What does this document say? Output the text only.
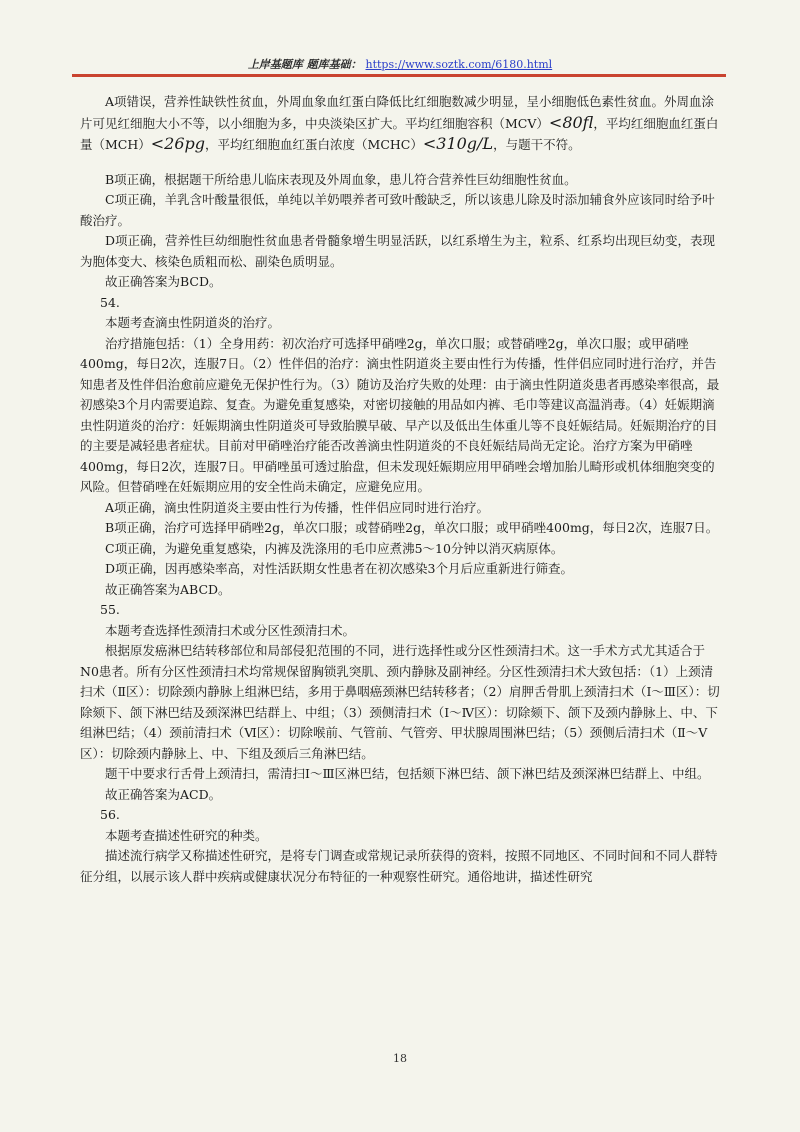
上岸基题库 题库基础： https://www.soztk.com/6180.html

A项错误，营养性缺铁性贫血，外周血象血红蛋白降低比红细胞数减少明显，呈小细胞低色素性贫血。外周血涂片可见红细胞大小不等，以小细胞为多，中央淡染区扩大。平均红细胞容积（MCV）<80fl，平均红细胞血红蛋白量（MCH）<26pg，平均红细胞血红蛋白浓度（MCHC）<310g/L，与题干不符。

B项正确，根据题干所给患儿临床表现及外周血象，患儿符合营养性巨幼细胞性贫血。

C项正确，羊乳含叶酸量很低，单纯以羊奶喂养者可致叶酸缺乏，所以该患儿除及时添加辅食外应该同时给予叶酸治疗。

D项正确，营养性巨幼细胞性贫血患者骨髓象增生明显活跃，以红系增生为主，粒系、红系均出现巨幼变，表现为胞体变大、核染色质粗而松、副染色质明显。

故正确答案为BCD。

54.

本题考查滴虫性阴道炎的治疗。

治疗措施包括：（1）全身用药：初次治疗可选择甲硝唑2g，单次口服；或替硝唑2g，单次口服；或甲硝唑400mg，每日2次，连服7日。（2）性伴侣的治疗：滴虫性阴道炎主要由性行为传播，性伴侣应同时进行治疗，并告知患者及性伴侣治愈前应避免无保护性行为。（3）随访及治疗失败的处理：由于滴虫性阴道炎患者再感染率很高，最初感染3个月内需要追踪、复查。为避免重复感染，对密切接触的用品如内裤、毛巾等建议高温消毒。（4）妊娠期滴虫性阴道炎的治疗：妊娠期滴虫性阴道炎可导致胎膜早破、早产以及低出生体重儿等不良妊娠结局。妊娠期治疗的目的主要是减轻患者症状。目前对甲硝唑治疗能否改善滴虫性阴道炎的不良妊娠结局尚无定论。治疗方案为甲硝唑400mg，每日2次，连服7日。甲硝唑虽可透过胎盘，但未发现妊娠期应用甲硝唑会增加胎儿畸形或机体细胞突变的风险。但替硝唑在妊娠期应用的安全性尚未确定，应避免应用。

A项正确，滴虫性阴道炎主要由性行为传播，性伴侣应同时进行治疗。

B项正确，治疗可选择甲硝唑2g，单次口服；或替硝唑2g，单次口服；或甲硝唑400mg，每日2次，连服7日。

C项正确，为避免重复感染，内裤及洗涤用的毛巾应煮沸5～10分钟以消灭病原体。

D项正确，因再感染率高，对性活跃期女性患者在初次感染3个月后应重新进行筛查。

故正确答案为ABCD。

55.

本题考查选择性颈清扫术或分区性颈清扫术。

根据原发癌淋巴结转移部位和局部侵犯范围的不同，进行选择性或分区性颈清扫术。这一手术方式尤其适合于N0患者。所有分区性颈清扫术均常规保留胸锁乳突肌、颈内静脉及副神经。分区性颈清扫术大致包括：（1）上颈清扫术（Ⅱ区）：切除颈内静脉上组淋巴结，多用于鼻咽癌颈淋巴结转移者；（2）肩胛舌骨肌上颈清扫术（Ⅰ～Ⅲ区）：切除颏下、颌下淋巴结及颈深淋巴结群上、中组；（3）颈侧清扫术（Ⅰ～Ⅳ区）：切除颏下、颌下及颈内静脉上、中、下组淋巴结；（4）颈前清扫术（Ⅵ区）：切除喉前、气管前、气管旁、甲状腺周围淋巴结；（5）颈侧后清扫术（Ⅱ～Ⅴ区）：切除颈内静脉上、中、下组及颈后三角淋巴结。

题干中要求行舌骨上颈清扫，需清扫Ⅰ～Ⅲ区淋巴结，包括颏下淋巴结、颌下淋巴结及颈深淋巴结群上、中组。

故正确答案为ACD。

56.

本题考查描述性研究的种类。

描述流行病学又称描述性研究，是将专门调查或常规记录所获得的资料，按照不同地区、不同时间和不同人群特征分组，以展示该人群中疾病或健康状况分布特征的一种观察性研究。通俗地讲，描述性研究

18
